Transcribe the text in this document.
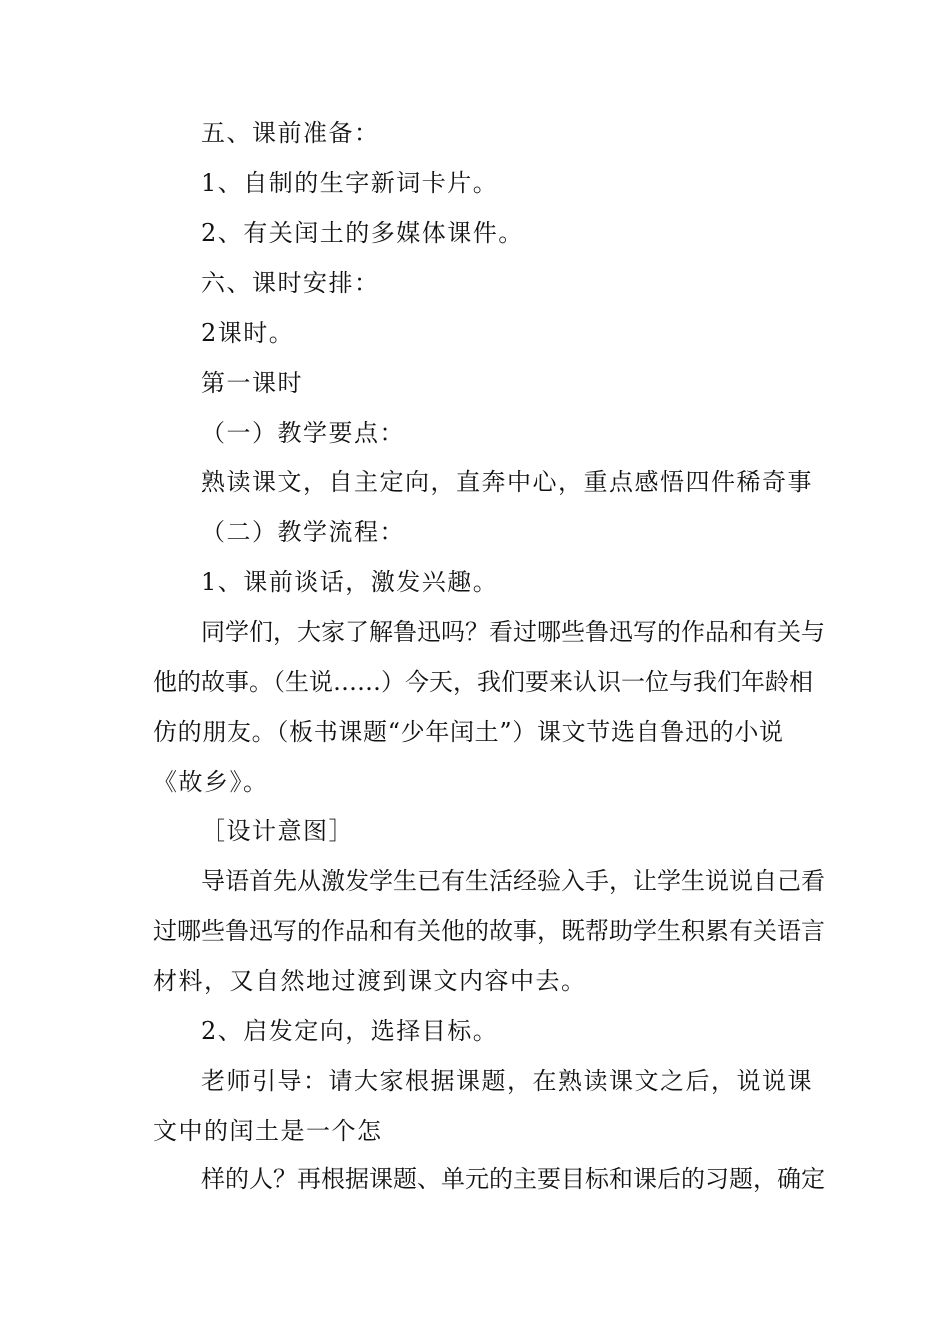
五、课前准备：
1、自制的生字新词卡片。
2、有关闰土的多媒体课件。
六、课时安排：
2课时。
第一课时
（一）教学要点：
熟读课文，自主定向，直奔中心，重点感悟四件稀奇事
（二）教学流程：
1、课前谈话，激发兴趣。
同学们，大家了解鲁迅吗？看过哪些鲁迅写的作品和有关与
他的故事。（生说……）今天，我们要来认识一位与我们年龄相
仿的朋友。（板书课题“少年闰土”）课文节选自鲁迅的小说
《故乡》。
［设计意图］
导语首先从激发学生已有生活经验入手，让学生说说自己看
过哪些鲁迅写的作品和有关他的故事，既帮助学生积累有关语言
材料，又自然地过渡到课文内容中去。
2、启发定向，选择目标。
老师引导：请大家根据课题，在熟读课文之后，说说课
文中的闰土是一个怎
样的人？再根据课题、单元的主要目标和课后的习题，确定
